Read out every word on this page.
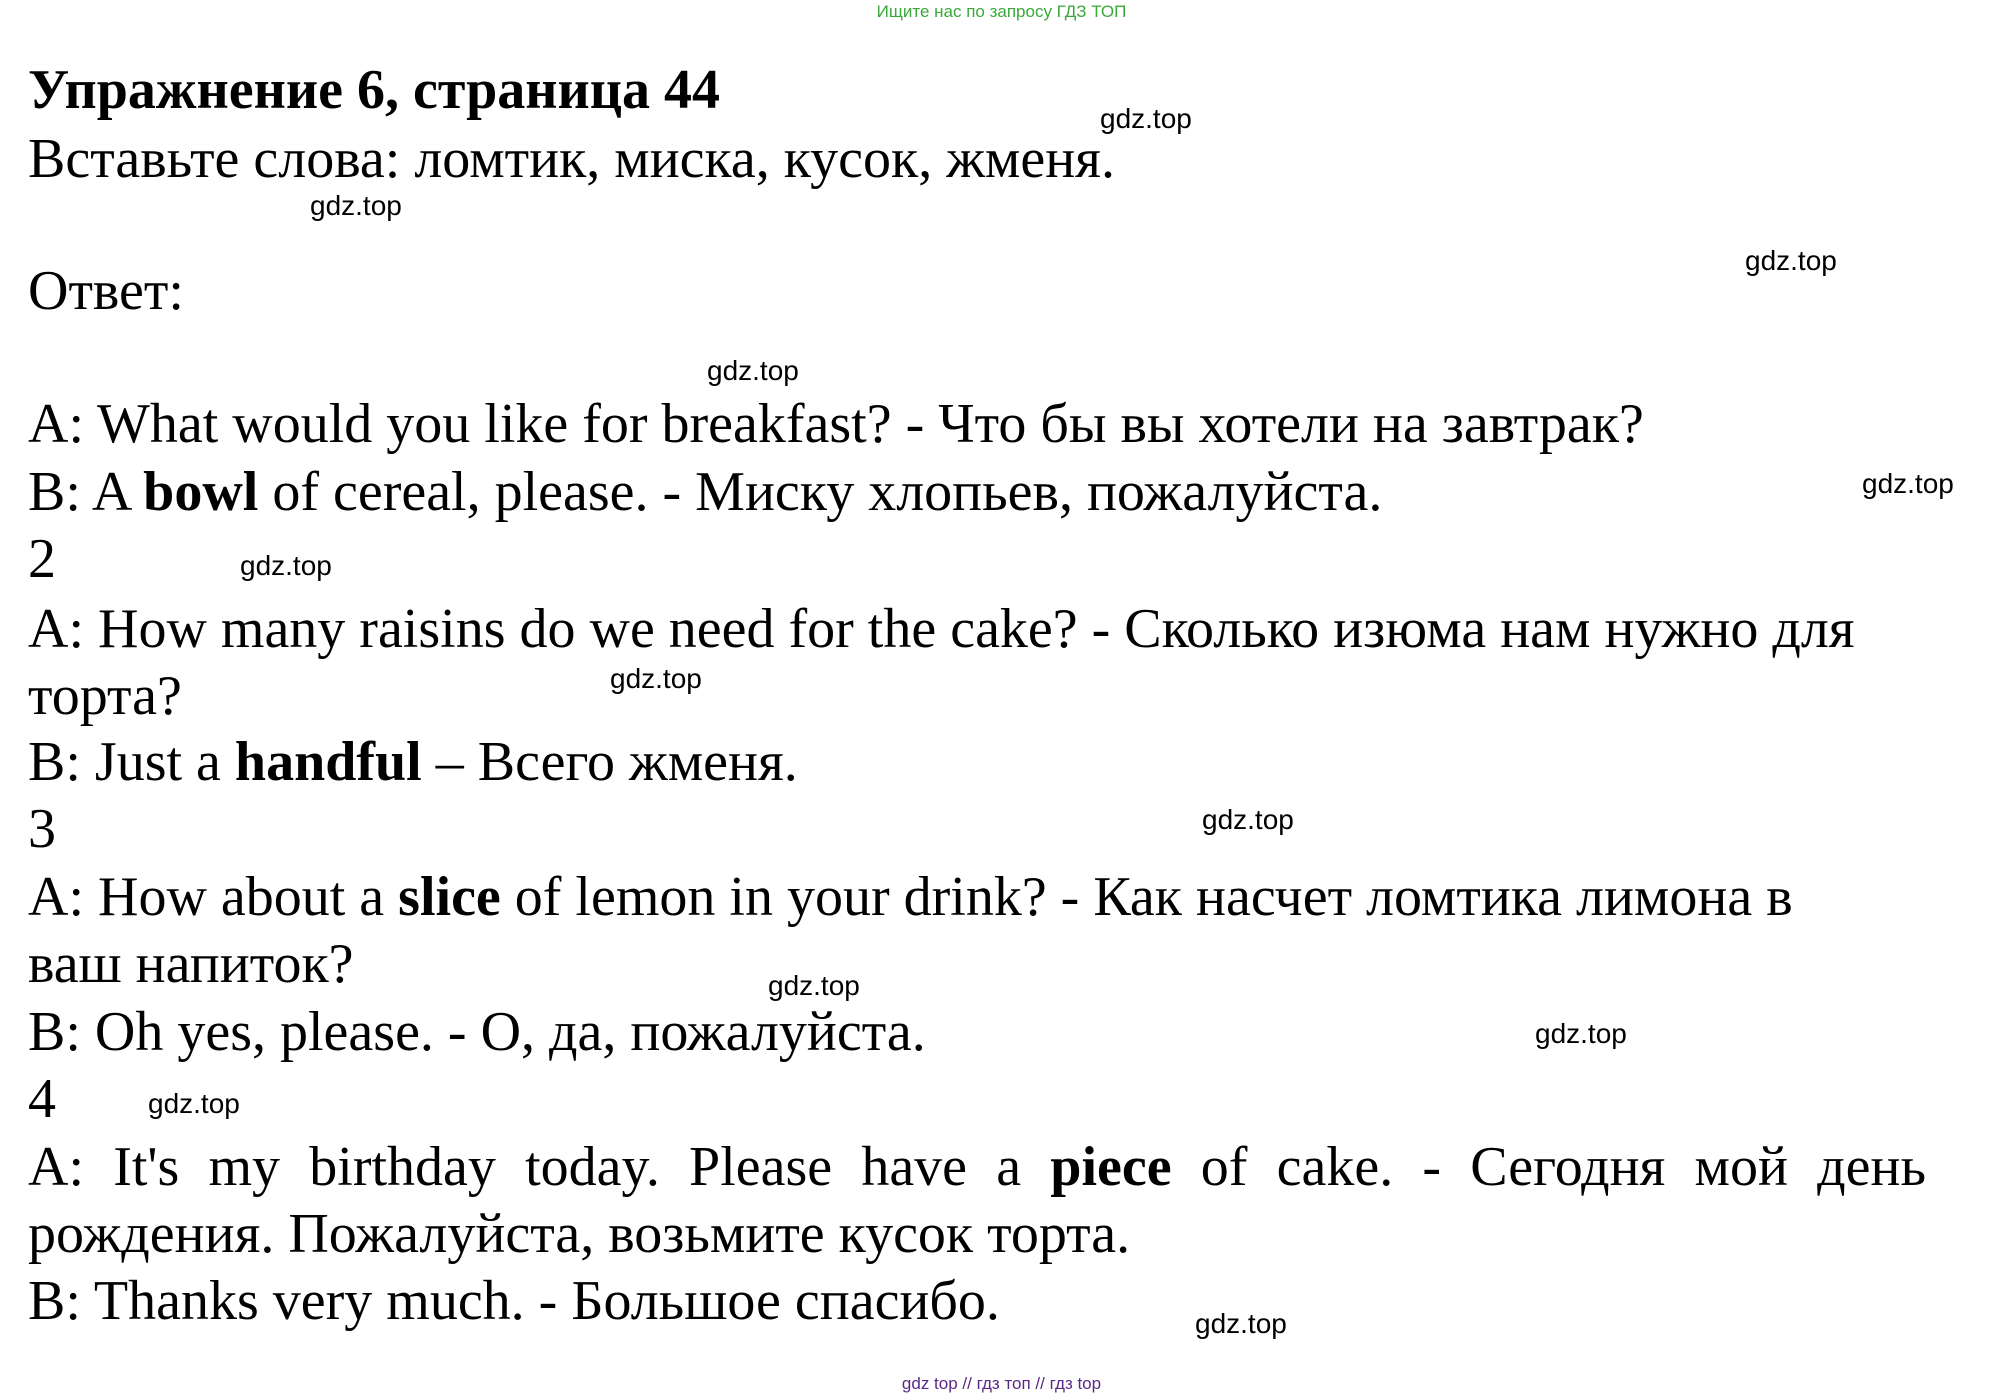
Ищите нас по запросу ГДЗ ТОП
Упражнение 6, страница 44
Вставьте слова: ломтик, миска, кусок, жменя.
Ответ:
A: What would you like for breakfast? - Что бы вы хотели на завтрак?
B: A bowl of cereal, please. - Миску хлопьев, пожалуйста.
2
A: How many raisins do we need for the cake? - Сколько изюма нам нужно для
торта?
B: Just a handful – Всего жменя.
3
A: How about a slice of lemon in your drink? - Как насчет ломтика лимона в
ваш напиток?
B: Oh yes, please. - О, да, пожалуйста.
4
A: It's my birthday today. Please have a piece of cake. - Сегодня мой день
рождения. Пожалуйста, возьмите кусок торта.
B: Thanks very much. - Большое спасибо.
gdz.top
gdz.top
gdz.top
gdz.top
gdz.top
gdz.top
gdz.top
gdz.top
gdz.top
gdz.top
gdz.top
gdz.top
gdz top // гдз топ // гдз top
